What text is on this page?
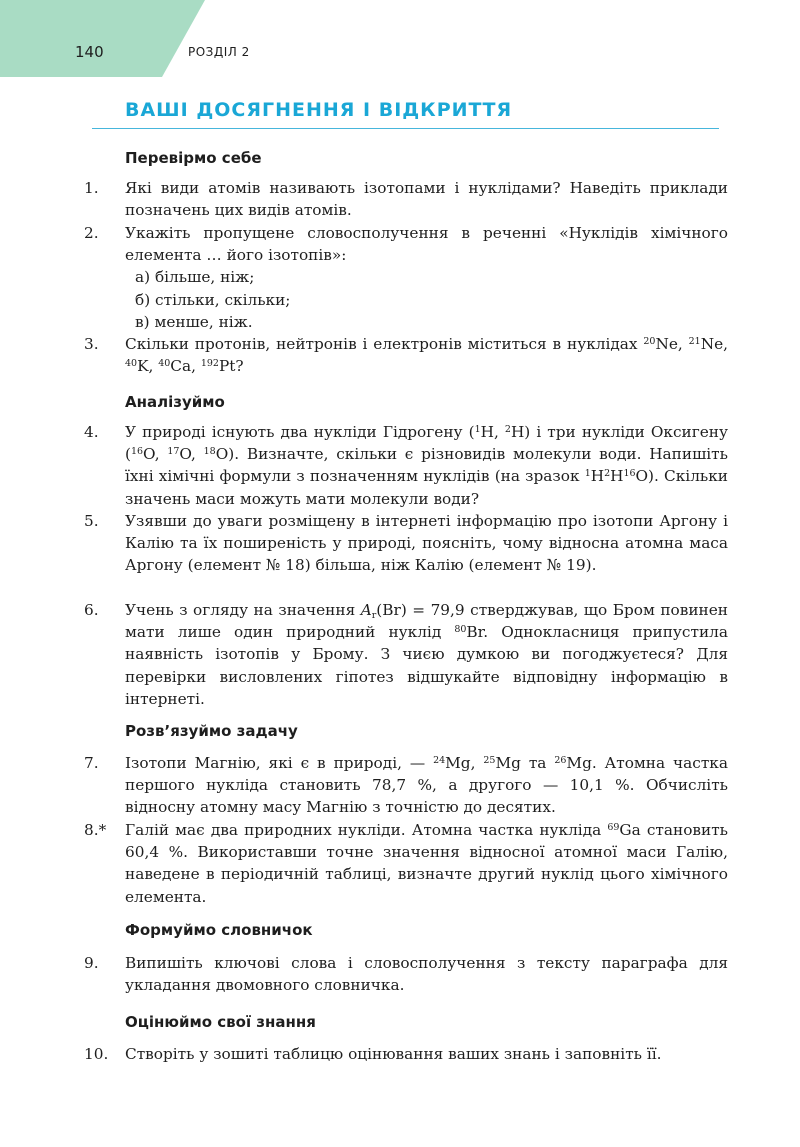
140	РОЗДІЛ 2
ВАШІ ДОСЯГНЕННЯ І ВІДКРИТТЯ
Перевірмо себе
1. Які види атомів називають ізотопами і нуклідами? Наведіть приклади позначень цих видів атомів.
2. Укажіть пропущене словосполучення в реченні «Нуклідів хімічного елемента … його ізотопів»:
а) більше, ніж;
б) стільки, скільки;
в) менше, ніж.
3. Скільки протонів, нейтронів і електронів міститься в нуклідах $^{20}$Ne, $^{21}$Ne, $^{40}$K, $^{40}$Ca, $^{192}$Pt?
Аналізуймо
4. У природі існують два нукліди Гідрогену ($^1$H, $^2$H) і три нукліди Оксигену ($^{16}$O, $^{17}$O, $^{18}$O). Визначте, скільки є різновидів молекули води. Напишіть їхні хімічні формули з позначенням нуклідів (на зразок $^1H^2H^{16}O$). Скільки значень маси можуть мати молекули води?
5. Узявши до уваги розміщену в інтернеті інформацію про ізотопи Аргону і Калію та їх поширеність у природі, поясніть, чому відносна атомна маса Аргону (елемент № 18) більша, ніж Калію (елемент № 19).
6. Учень з огляду на значення $A_r(Br) = 79,9$ стверджував, що Бром повинен мати лише один природний нуклід $^{80}$Br. Однокласниця припустила наявність ізотопів у Брому. З чиєю думкою ви погоджуєтеся? Для перевірки висловлених гіпотез відшукайте відповідну інформацію в інтернеті.
Розв’язуймо задачу
7. Ізотопи Магнію, які є в природі, — $^{24}$Mg, $^{25}$Mg та $^{26}$Mg. Атомна частка першого нукліда становить 78,7 %, а другого — 10,1 %. Обчисліть відносну атомну масу Магнію з точністю до десятих.
8.* Галій має два природних нукліди. Атомна частка нукліда $^{69}$Ga становить 60,4 %. Використавши точне значення відносної атомної маси Галію, наведене в періодичній таблиці, визначте другий нуклід цього хімічного елемента.
Формуймо словничок
9. Випишіть ключові слова і словосполучення з тексту параграфа для укладання двомовного словничка.
Оцінюймо свої знання
10. Створіть у зошиті таблицю оцінювання ваших знань і заповніть її.
